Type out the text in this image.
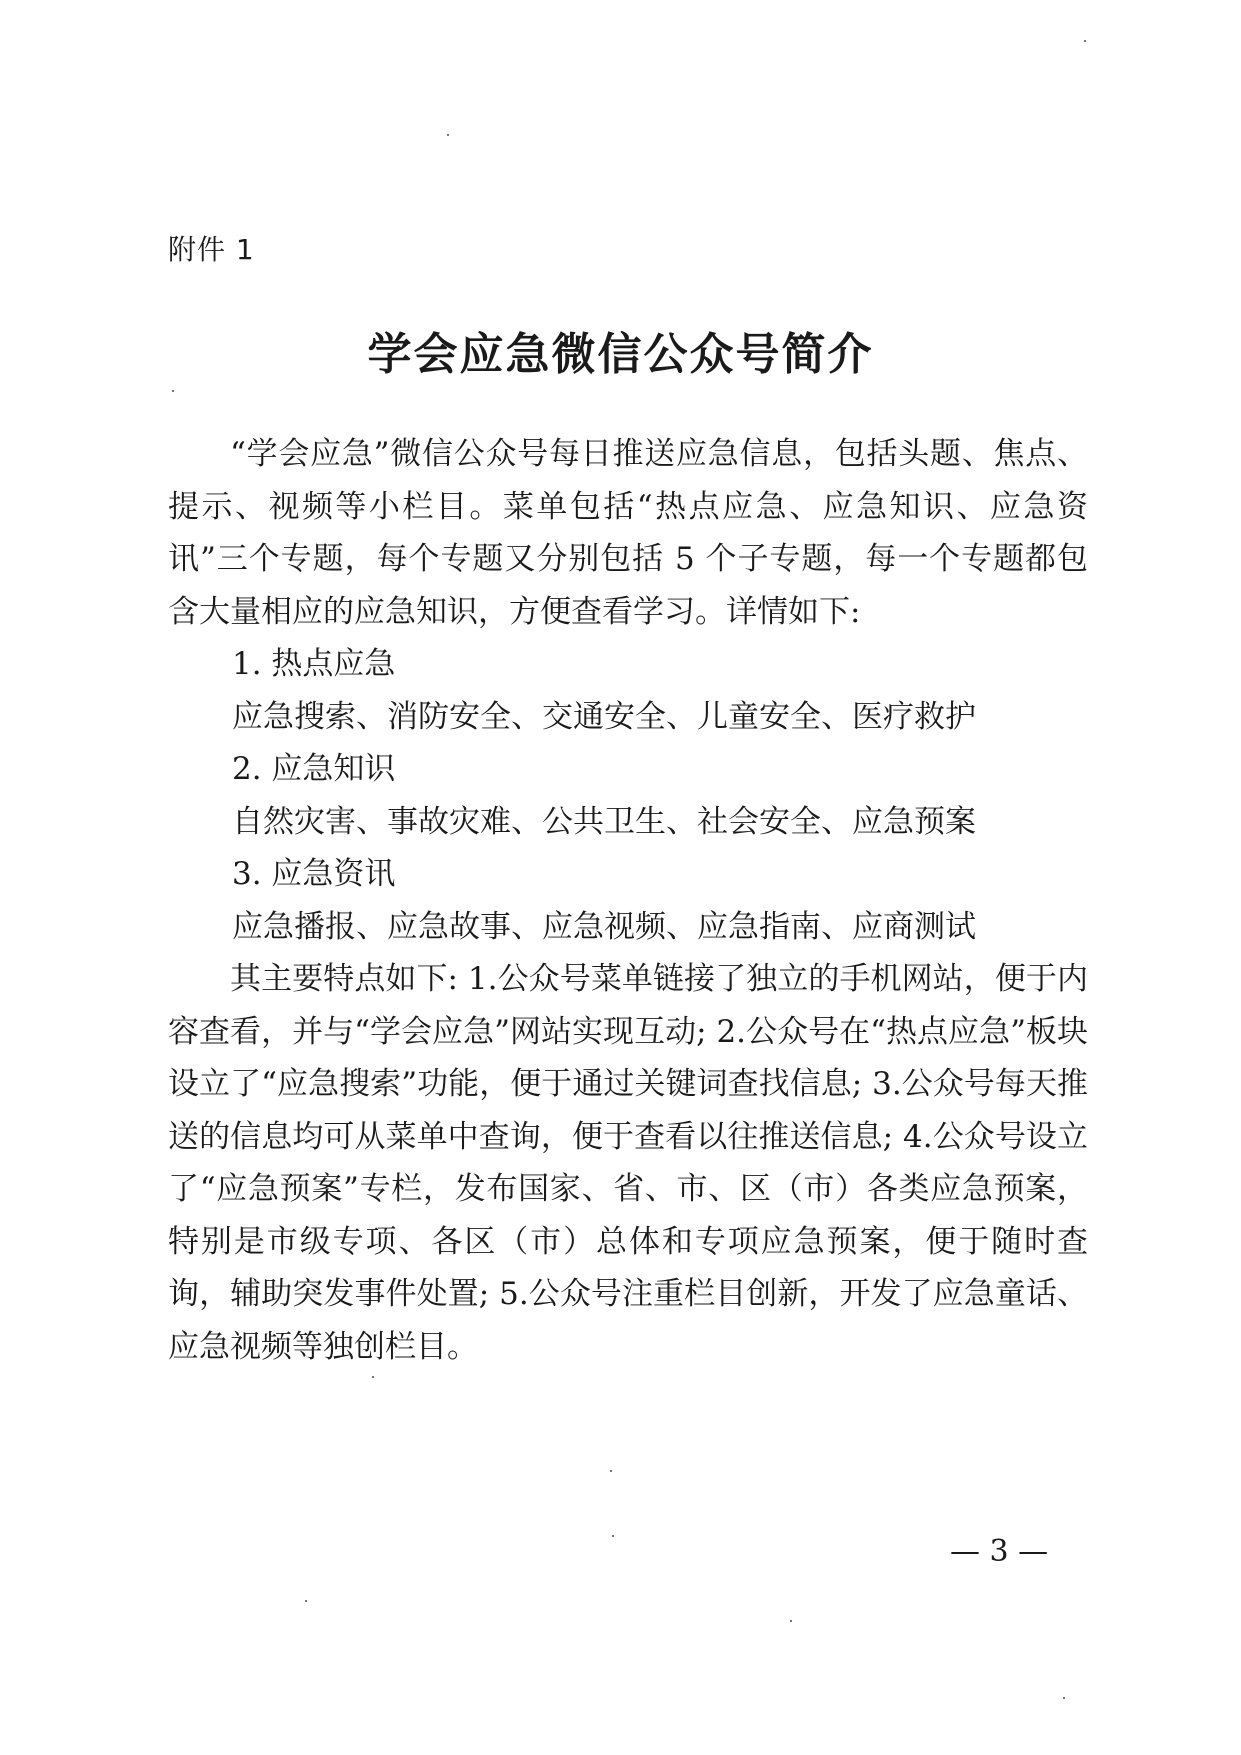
附件 1
学会应急微信公众号简介

“学会应急”微信公众号每日推送应急信息，包括头题、焦点、提示、视频等小栏目。菜单包括“热点应急、应急知识、应急资讯”三个专题，每个专题又分别包括 5 个子专题，每一个专题都包含大量相应的应急知识，方便查看学习。详情如下:

1. 热点应急

应急搜索、消防安全、交通安全、儿童安全、医疗救护

2. 应急知识

自然灾害、事故灾难、公共卫生、社会安全、应急预案

3. 应急资讯

应急播报、应急故事、应急视频、应急指南、应商测试

其主要特点如下: 1.公众号菜单链接了独立的手机网站，便于内容查看，并与“学会应急”网站实现互动; 2.公众号在“热点应急”板块设立了“应急搜索”功能，便于通过关键词查找信息; 3.公众号每天推送的信息均可从菜单中查询，便于查看以往推送信息; 4.公众号设立了“应急预案”专栏，发布国家、省、市、区（市）各类应急预案，特别是市级专项、各区（市）总体和专项应急预案，便于随时查询，辅助突发事件处置; 5.公众号注重栏目创新，开发了应急童话、应急视频等独创栏目。

— 3 —
